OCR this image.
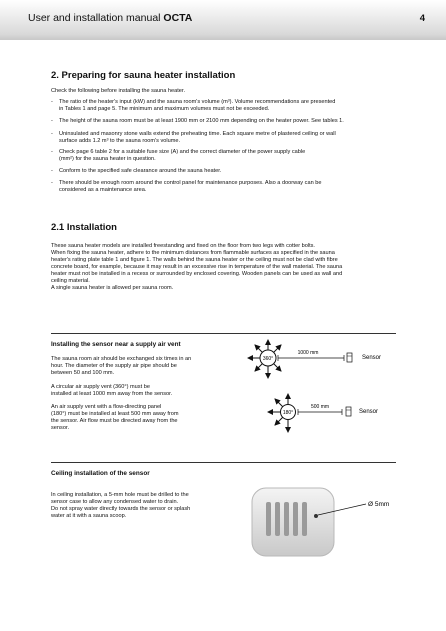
User and installation manual OCTA	4
2. Preparing for sauna heater installation
Check the following before installing the sauna heater.
- The ratio of the heater's input (kW) and the sauna room's volume (m³). Volume recommendations are presented
in Tables 1 and page 5. The minimum and maximum volumes must not be exceeded.
- The height of the sauna room must be at least 1900 mm or 2100 mm depending on the heater power. See tables 1.
- Uninsulated and masonry stone walls extend the preheating time. Each square metre of plastered ceiling or wall
surface adds 1.2 m³ to the sauna room's volume.
- Check page 6 table 2 for a suitable fuse size (A) and the correct diameter of the power supply cable
(mm²) for the sauna heater in question.
- Conform to the specified safe clearance around the sauna heater.
- There should be enough room around the control panel for maintenance purposes. Also a doorway can be
considered as a maintenance area.
2.1 Installation
These sauna heater models are installed freestanding and fixed on the floor from two legs with cotter bolts.
When fixing the sauna heater, adhere to the minimum distances from flammable surfaces as specified in the sauna
heater's rating plate table 1 and figure 1. The walls behind the sauna heater or the ceiling must not be clad with fibre
concrete board, for example, because it may result in an excessive rise in temperature of the wall material. The sauna
heater must not be installed in a recess or surrounded by enclosed covering. Wooden panels can be used as wall and
ceiling material.
A single sauna heater is allowed per sauna room.
Installing the sensor near a supply air vent
The sauna room air should be exchanged six times in an
hour. The diameter of the supply air pipe should be
between 50 and 100 mm.
A circular air supply vent (360°) must be
installed at least 1000 mm away from the sensor.
An air supply vent with a flow-directing panel
(180°) must be installed at least 500 mm away from
the sensor. Air flow must be directed away from the
sensor.
360°
1000 mm
Sensor
180°
500 mm
Sensor
Ceiling installation of the sensor
In ceiling installation, a 5-mm hole must be drilled to the
sensor case to allow any condensed water to drain.
Do not spray water directly towards the sensor or splash
water at it with a sauna scoop.
Ø 5mm
